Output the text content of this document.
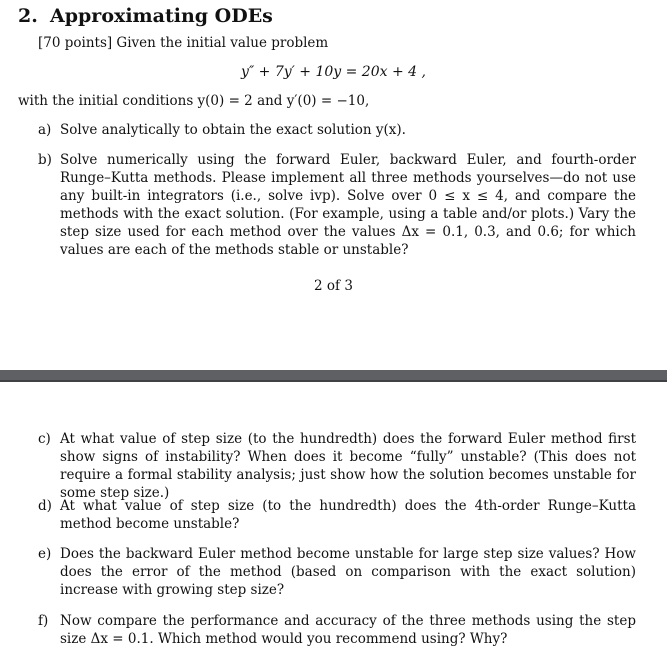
2. Approximating ODEs
[70 points] Given the initial value problem
y″ + 7y′ + 10y = 20x + 4 ,
with the initial conditions y(0) = 2 and y′(0) = −10,
a) Solve analytically to obtain the exact solution y(x).
b) Solve numerically using the forward Euler, backward Euler, and fourth-order Runge–Kutta methods. Please implement all three methods yourselves—do not use any built-in integrators (i.e., solve ivp). Solve over 0 ≤ x ≤ 4, and compare the methods with the exact solution. (For example, using a table and/or plots.) Vary the step size used for each method over the values Δx = 0.1, 0.3, and 0.6; for which values are each of the methods stable or unstable?
2 of 3
c) At what value of step size (to the hundredth) does the forward Euler method first show signs of instability? When does it become “fully” unstable? (This does not require a formal stability analysis; just show how the solution becomes unstable for some step size.)
d) At what value of step size (to the hundredth) does the 4th-order Runge–Kutta method become unstable?
e) Does the backward Euler method become unstable for large step size values? How does the error of the method (based on comparison with the exact solution) increase with growing step size?
f) Now compare the performance and accuracy of the three methods using the step size Δx = 0.1. Which method would you recommend using? Why?
